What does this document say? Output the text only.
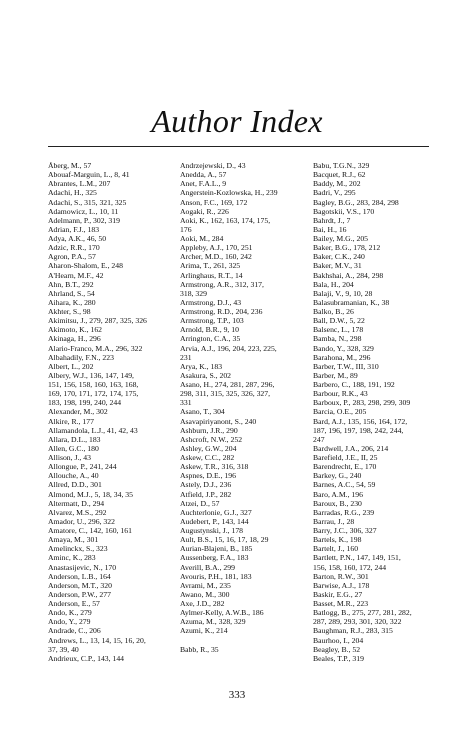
Author Index
Åberg, M., 57
Abouaf-Marguin, L., 8, 41
Abrantes, L.M., 207
Adachi, H., 325
Adachi, S., 315, 321, 325
Adamowicz, L., 10, 11
Adelmann, P., 302, 319
Adrian, F.J., 183
Adya, A.K., 46, 50
Adzic, R.R., 170
Agron, P.A., 57
Aharon-Shalom, E., 248
A'Hearn, M.F., 42
Ahn, B.T., 292
Ahrland, S., 54
Aihara, K., 280
Akhter, S., 98
Akimitsu, J., 279, 287, 325, 326
Akimoto, K., 162
Akinaga, H., 296
Alario-Franco, M.A., 296, 322
Albahadily, F.N., 223
Albert, L., 202
Albery, W.J., 136, 147, 149,
151, 156, 158, 160, 163, 168,
169, 170, 171, 172, 174, 175,
183, 198, 199, 240, 244
Alexander, M., 302
Alkire, R., 177
Allamandola, L.J., 41, 42, 43
Allara, D.L., 183
Allen, G.C., 180
Allison, J., 43
Allongue, P., 241, 244
Allouche, A., 40
Allred, D.D., 301
Almond, M.J., 5, 18, 34, 35
Altermatt, D., 294
Alvarez, M.S., 292
Amador, U., 296, 322
Amatore, C., 142, 160, 161
Amaya, M., 301
Amelinckx, S., 323
Aminc, K., 283
Anastasijevic, N., 170
Anderson, L.B., 164
Anderson, M.T., 320
Anderson, P.W., 277
Anderson, E., 57
Ando, K., 279
Ando, Y., 279
Andrade, C., 206
Andrews, L., 13, 14, 15, 16, 20,
37, 39, 40
Andrieux, C.P., 143, 144
Andrzejewski, D., 43
Anedda, A., 57
Anet, F.A.L., 9
Angerstein-Kozlowska, H., 239
Anson, F.C., 169, 172
Aogaki, R., 226
Aoki, K., 162, 163, 174, 175,
176
Aoki, M., 284
Appleby, A.J., 170, 251
Archer, M.D., 160, 242
Arima, T., 261, 325
Arlinghaus, R.T., 14
Armstrong, A.R., 312, 317,
318, 329
Armstrong, D.J., 43
Armstrong, R.D., 204, 236
Armstrong, T.P., 103
Arnold, B.R., 9, 10
Arrington, C.A., 35
Arvia, A.J., 196, 204, 223, 225,
231
Arya, K., 183
Asakura, S., 202
Asano, H., 274, 281, 287, 296,
298, 311, 315, 325, 326, 327,
331
Asano, T., 304
Asavapiriyanont, S., 240
Ashburn, J.R., 290
Ashcroft, N.W., 252
Ashley, G.W., 204
Askew, C.C., 282
Askew, T.R., 316, 318
Aspnes, D.E., 196
Astely, D.J., 236
Atfield, J.P., 282
Atzei, D., 57
Auchterlonie, G.J., 327
Audebert, P., 143, 144
Augustynski, J., 178
Ault, B.S., 15, 16, 17, 18, 29
Aurian-Blajeni, B., 185
Aussenberg, F.A., 183
Averill, B.A., 299
Avouris, P.H., 181, 183
Avrami, M., 235
Awano, M., 300
Axe, J.D., 282
Aylmer-Kelly, A.W.B., 186
Azuma, M., 328, 329
Azumi, K., 214
Babb, R., 35
Babu, T.G.N., 329
Bacquet, R.J., 62
Baddy, M., 202
Badri, V., 295
Bagley, B.G., 283, 284, 298
Bagotskii, V.S., 170
Bahrdt, J., 7
Bai, H., 16
Bailey, M.G., 205
Baker, B.G., 178, 212
Baker, C.K., 240
Baker, M.V., 31
Bakhshai, A., 284, 298
Bala, H., 204
Balaji, V., 9, 10, 28
Balasubramanian, K., 38
Balko, B., 26
Ball, D.W., 5, 22
Balsenc, L., 178
Bamba, N., 298
Bando, Y., 328, 329
Barahona, M., 296
Barber, T.W., III, 310
Barber, M., 89
Barbero, C., 188, 191, 192
Barbour, R.K., 43
Barboux, P., 283, 298, 299, 309
Barcia, O.E., 205
Bard, A.J., 135, 156, 164, 172,
187, 196, 197, 198, 242, 244,
247
Bardwell, J.A., 206, 214
Barefield, J.E., II, 25
Barendrecht, E., 170
Barkey, G., 240
Barnes, A.C., 54, 59
Baro, A.M., 196
Baroux, B., 230
Barradas, R.G., 239
Barrau, J., 28
Barry, J.C., 306, 327
Bartels, K., 198
Bartelt, J., 160
Bartlett, P.N., 147, 149, 151,
156, 158, 160, 172, 244
Barton, R.W., 301
Barwise, A.J., 178
Baskir, E.G., 27
Basset, M.R., 223
Batlogg, B., 275, 277, 281, 282,
287, 289, 293, 301, 320, 322
Baughman, R.J., 283, 315
Baurhoo, I., 204
Beagley, B., 52
Beales, T.P., 319
333
